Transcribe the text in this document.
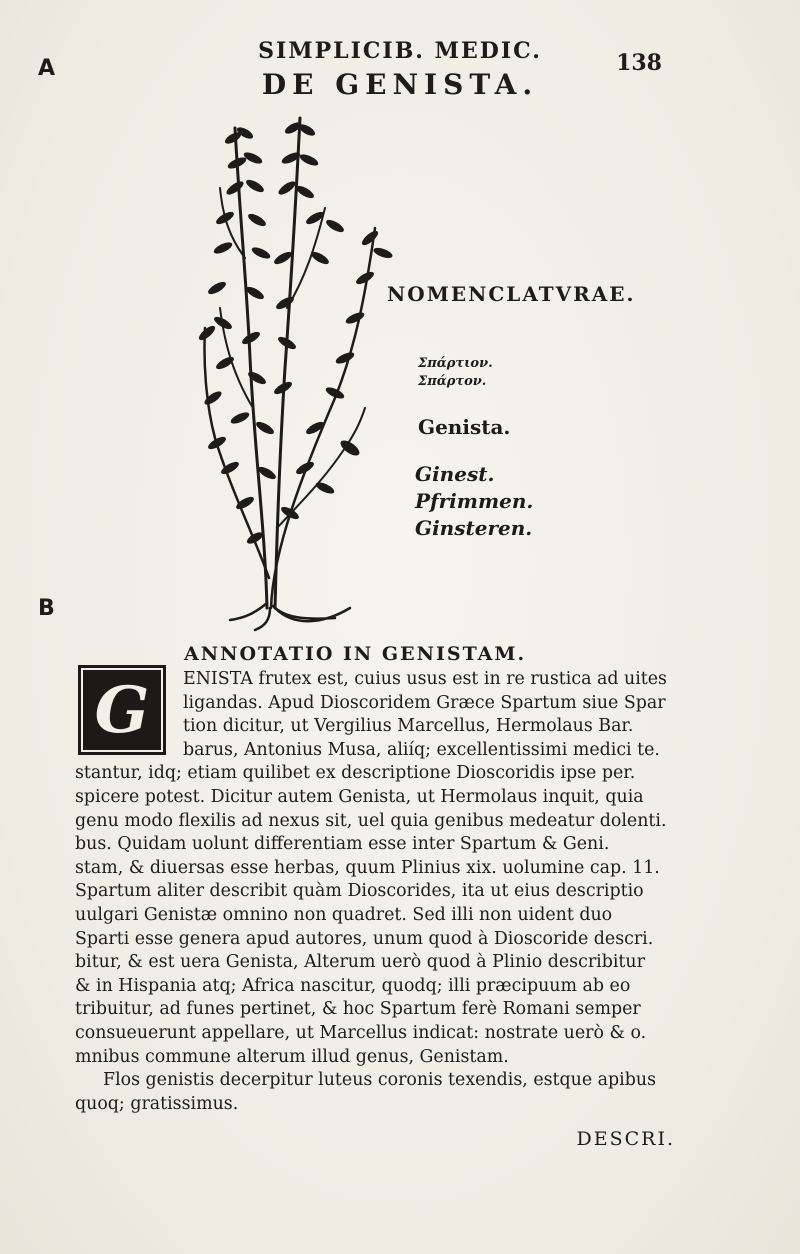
A
B
SIMPLICIB. MEDIC.	138
DE GENISTA.
NOMENCLATVRAE.
Σπάρτιον.
Σπάρτον.
Genista.
Ginest.
Pfrimmen.
Ginsteren.
ANNOTATIO IN GENISTAM.
G	ENISTA frutex est, cuius usus est in re rustica ad uites
ligandas. Apud Dioscoridem Græce Spartum siue Spar
tion dicitur, ut Vergilius Marcellus, Hermolaus Bar.
barus, Antonius Musa, aliíq; excellentissimi medici te.
stantur, idq; etiam quilibet ex descriptione Dioscoridis ipse per.
spicere potest. Dicitur autem Genista, ut Hermolaus inquit, quia
genu modo flexilis ad nexus sit, uel quia genibus medeatur dolenti.
bus. Quidam uolunt differentiam esse inter Spartum & Geni.
stam, & diuersas esse herbas, quum Plinius xix. uolumine cap. 11.
Spartum aliter describit quàm Dioscorides, ita ut eius descriptio
uulgari Genistæ omnino non quadret. Sed illi non uident duo
Sparti esse genera apud autores, unum quod à Dioscoride descri.
bitur, & est uera Genista, Alterum uerò quod à Plinio describitur
& in Hispania atq; Africa nascitur, quodq; illi præcipuum ab eo
tribuitur, ad funes pertinet, & hoc Spartum ferè Romani semper
consueuerunt appellare, ut Marcellus indicat: nostrate uerò & o.
mnibus commune alterum illud genus, Genistam.
Flos genistis decerpitur luteus coronis texendis, estque apibus
quoq; gratissimus.
DESCRI.
